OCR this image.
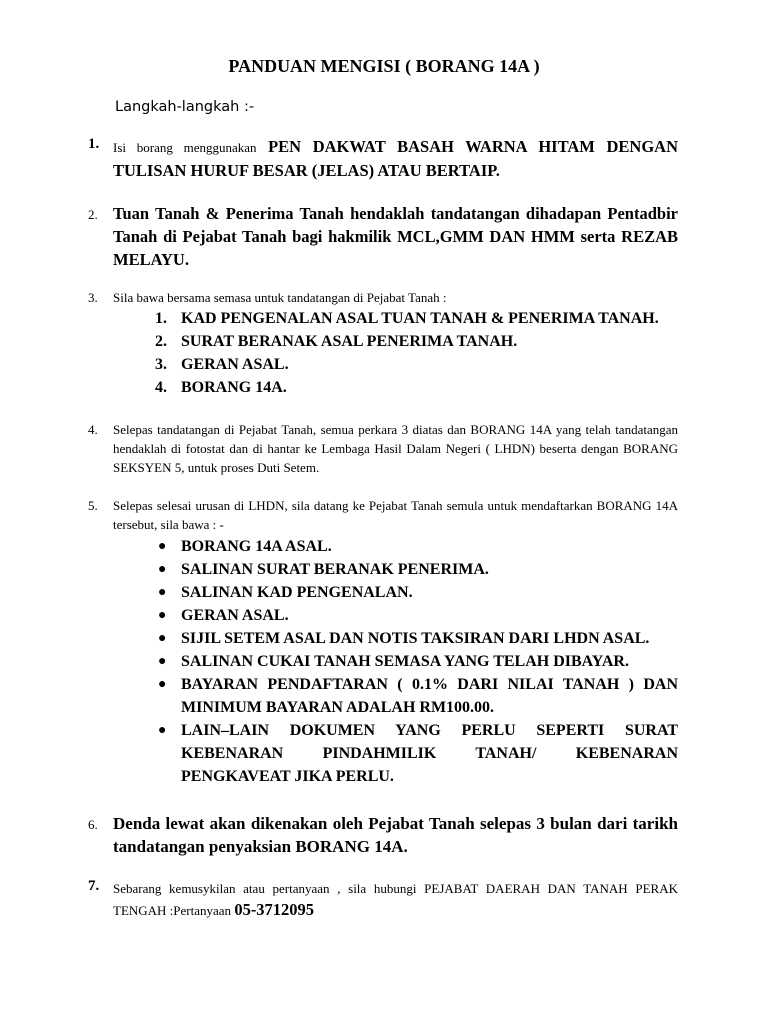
PANDUAN MENGISI ( BORANG 14A )
Langkah-langkah :-
1.	Isi borang menggunakan PEN DAKWAT BASAH WARNA HITAM DENGAN TULISAN HURUF BESAR (JELAS) ATAU BERTAIP.
2. Tuan Tanah & Penerima Tanah hendaklah tandatangan dihadapan Pentadbir Tanah di Pejabat Tanah bagi hakmilik MCL,GMM DAN HMM serta REZAB MELAYU.
3.	Sila bawa bersama semasa untuk tandatangan di Pejabat Tanah :
1. KAD PENGENALAN ASAL TUAN TANAH & PENERIMA TANAH.
2. SURAT BERANAK ASAL PENERIMA TANAH.
3. GERAN ASAL.
4. BORANG 14A.
4.	Selepas tandatangan di Pejabat Tanah, semua perkara 3 diatas dan BORANG 14A yang telah tandatangan hendaklah di fotostat dan di hantar ke Lembaga Hasil Dalam Negeri ( LHDN) beserta dengan BORANG SEKSYEN 5, untuk proses Duti Setem.
5.	Selepas selesai urusan di LHDN, sila datang ke Pejabat Tanah semula untuk mendaftarkan BORANG 14A tersebut, sila bawa : -
● BORANG 14A ASAL.
● SALINAN SURAT BERANAK PENERIMA.
● SALINAN KAD PENGENALAN.
● GERAN ASAL.
● SIJIL SETEM ASAL DAN NOTIS TAKSIRAN DARI LHDN ASAL.
● SALINAN CUKAI TANAH SEMASA YANG TELAH DIBAYAR.
● BAYARAN PENDAFTARAN ( 0.1% DARI NILAI TANAH ) DAN MINIMUM BAYARAN ADALAH RM100.00.
● LAIN–LAIN DOKUMEN YANG PERLU SEPERTI SURAT KEBENARAN PINDAHMILIK TANAH/ KEBENARAN PENGKAVEAT JIKA PERLU.
6. Denda lewat akan dikenakan oleh Pejabat Tanah selepas 3 bulan dari tarikh tandatangan penyaksian BORANG 14A.
7.	Sebarang kemusykilan atau pertanyaan , sila hubungi PEJABAT DAERAH DAN TANAH PERAK TENGAH :Pertanyaan 05-3712095
